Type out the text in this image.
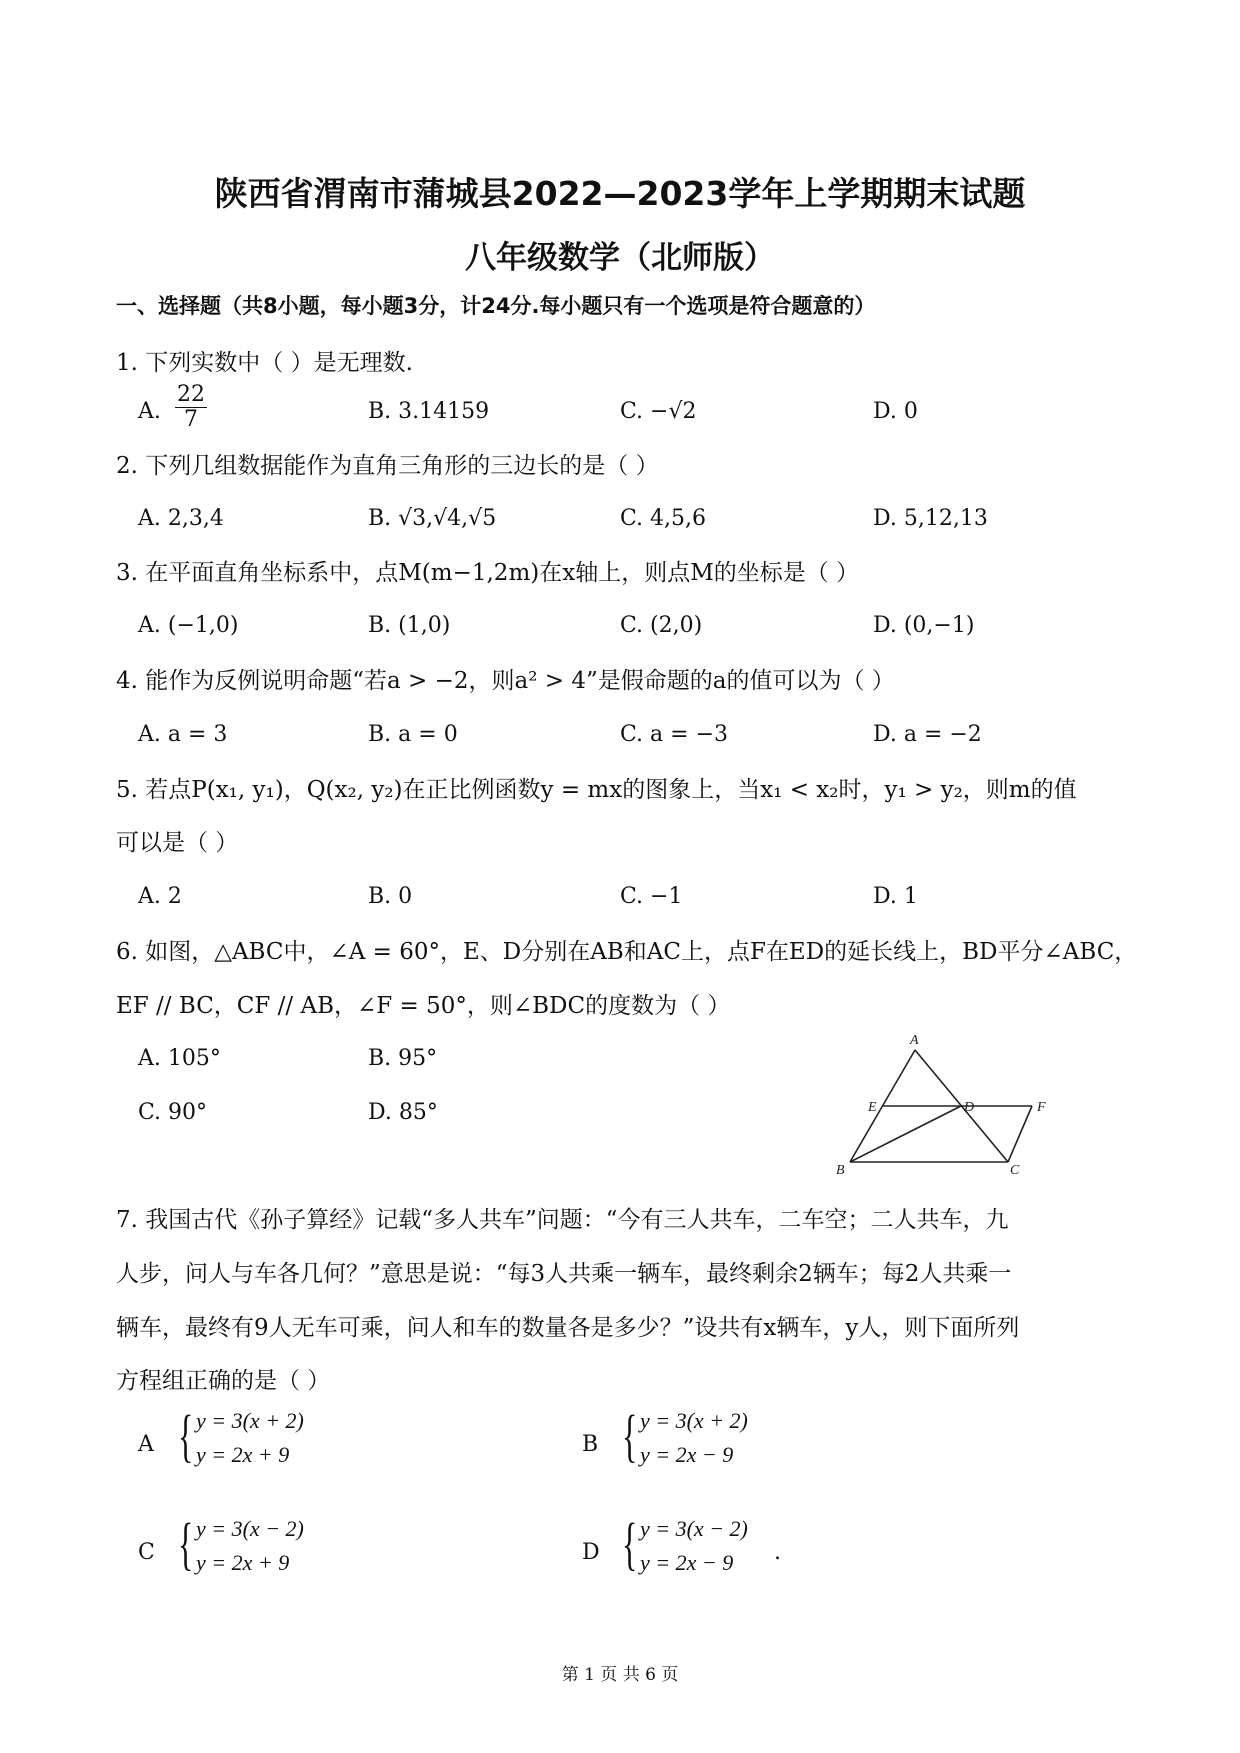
陕西省渭南市蒲城县2022—2023学年上学期期末试题
八年级数学（北师版）
一、选择题（共8小题，每小题3分，计24分.每小题只有一个选项是符合题意的）
1. 下列实数中（ ）是无理数.
A. $\frac{22}{7}$	B. 3.14159	C. −√2	D. 0
2. 下列几组数据能作为直角三角形的三边长的是（ ）
A. 2,3,4	B. √3,√4,√5	C. 4,5,6	D. 5,12,13
3. 在平面直角坐标系中，点M(m−1,2m)在x轴上，则点M的坐标是（ ）
A. (−1,0)	B. (1,0)	C. (2,0)	D. (0,−1)
4. 能作为反例说明命题“若a > −2，则a² > 4”是假命题的a的值可以为（ ）
A. a = 3	B. a = 0	C. a = −3	D. a = −2
5. 若点P(x₁, y₁)，Q(x₂, y₂)在正比例函数y = mx的图象上，当x₁ < x₂时，y₁ > y₂，则m的值
可以是（ ）
A. 2	B. 0	C. −1	D. 1
6. 如图，△ABC中，∠A = 60°，E、D分别在AB和AC上，点F在ED的延长线上，BD平分∠ABC，
EF // BC，CF // AB，∠F = 50°，则∠BDC的度数为（ ）
A. 105°	B. 95°
C. 90°	D. 85°
A
E	D	F
B	C
7. 我国古代《孙子算经》记载“多人共车”问题：“今有三人共车，二车空；二人共车，九
人步，问人与车各几何？”意思是说：“每3人共乘一辆车，最终剩余2辆车；每2人共乘一
辆车，最终有9人无车可乘，问人和车的数量各是多少？”设共有x辆车，y人，则下面所列
方程组正确的是（ ）
A { y = 3(x + 2)
y = 2x + 9	B { y = 3(x + 2)
y = 2x − 9
C { y = 3(x − 2)
y = 2x + 9	D { y = 3(x − 2)
y = 2x − 9 .
第 1 页 共 6 页
